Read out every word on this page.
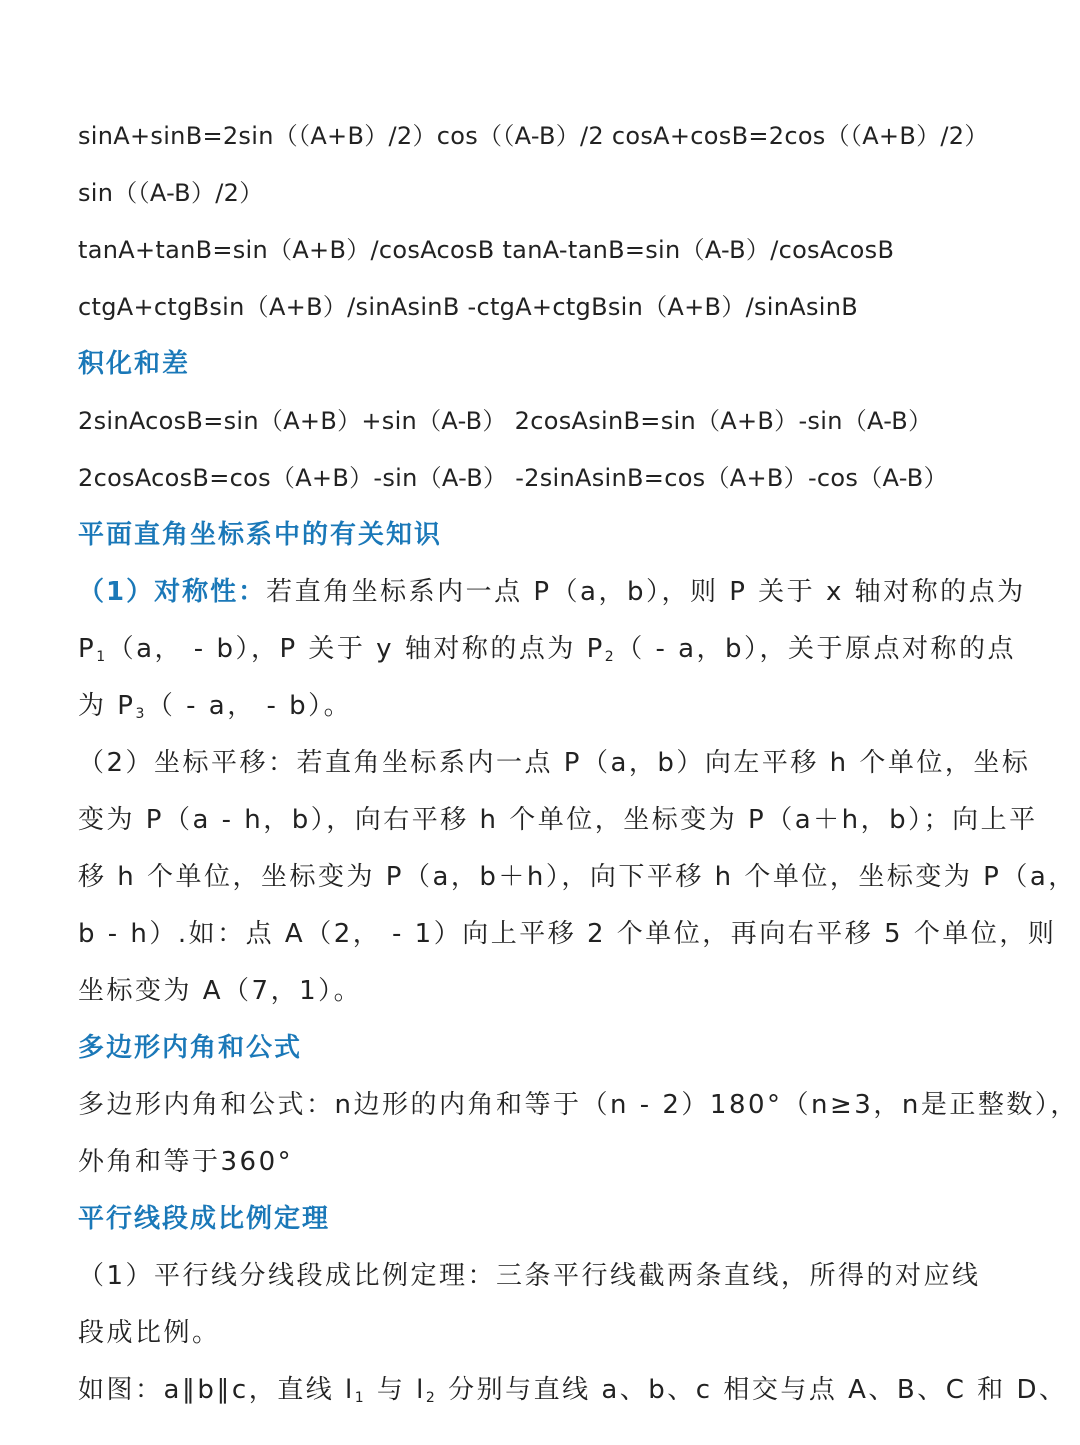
sinA+sinB=2sin（（A+B）/2）cos（（A-B）/2 cosA+cosB=2cos（（A+B）/2）
sin（（A-B）/2）
tanA+tanB=sin（A+B）/cosAcosB tanA-tanB=sin（A-B）/cosAcosB
ctgA+ctgBsin（A+B）/sinAsinB -ctgA+ctgBsin（A+B）/sinAsinB
积化和差
2sinAcosB=sin（A+B）+sin（A-B） 2cosAsinB=sin（A+B）-sin（A-B）
2cosAcosB=cos（A+B）-sin（A-B） -2sinAsinB=cos（A+B）-cos（A-B）
平面直角坐标系中的有关知识
（1）对称性：若直角坐标系内一点 P（a，b），则 P 关于 x 轴对称的点为
$P_1(a$， - b），P 关于 y 轴对称的点为 $P_2$（ - a，b），关于原点对称的点
为 $P_3$（ - a， - b）。
（2）坐标平移：若直角坐标系内一点 P（a，b）向左平移 h 个单位，坐标
变为 P（a - h，b），向右平移 h 个单位，坐标变为 P（a＋h，b）；向上平
移 h 个单位，坐标变为 P（a，b＋h），向下平移 h 个单位，坐标变为 P（a，
b - h）.如：点 A（2， - 1）向上平移 2 个单位，再向右平移 5 个单位，则
坐标变为 A（7，1）。
多边形内角和公式
多边形内角和公式：n边形的内角和等于（n - 2）180°（n≥3，n是正整数），
外角和等于360°
平行线段成比例定理
（1）平行线分线段成比例定理：三条平行线截两条直线，所得的对应线
段成比例。
如图：a∥b∥c，直线 $l_1$ 与 $l_2$ 分别与直线 a、b、c 相交与点 A、B、C 和 D、
